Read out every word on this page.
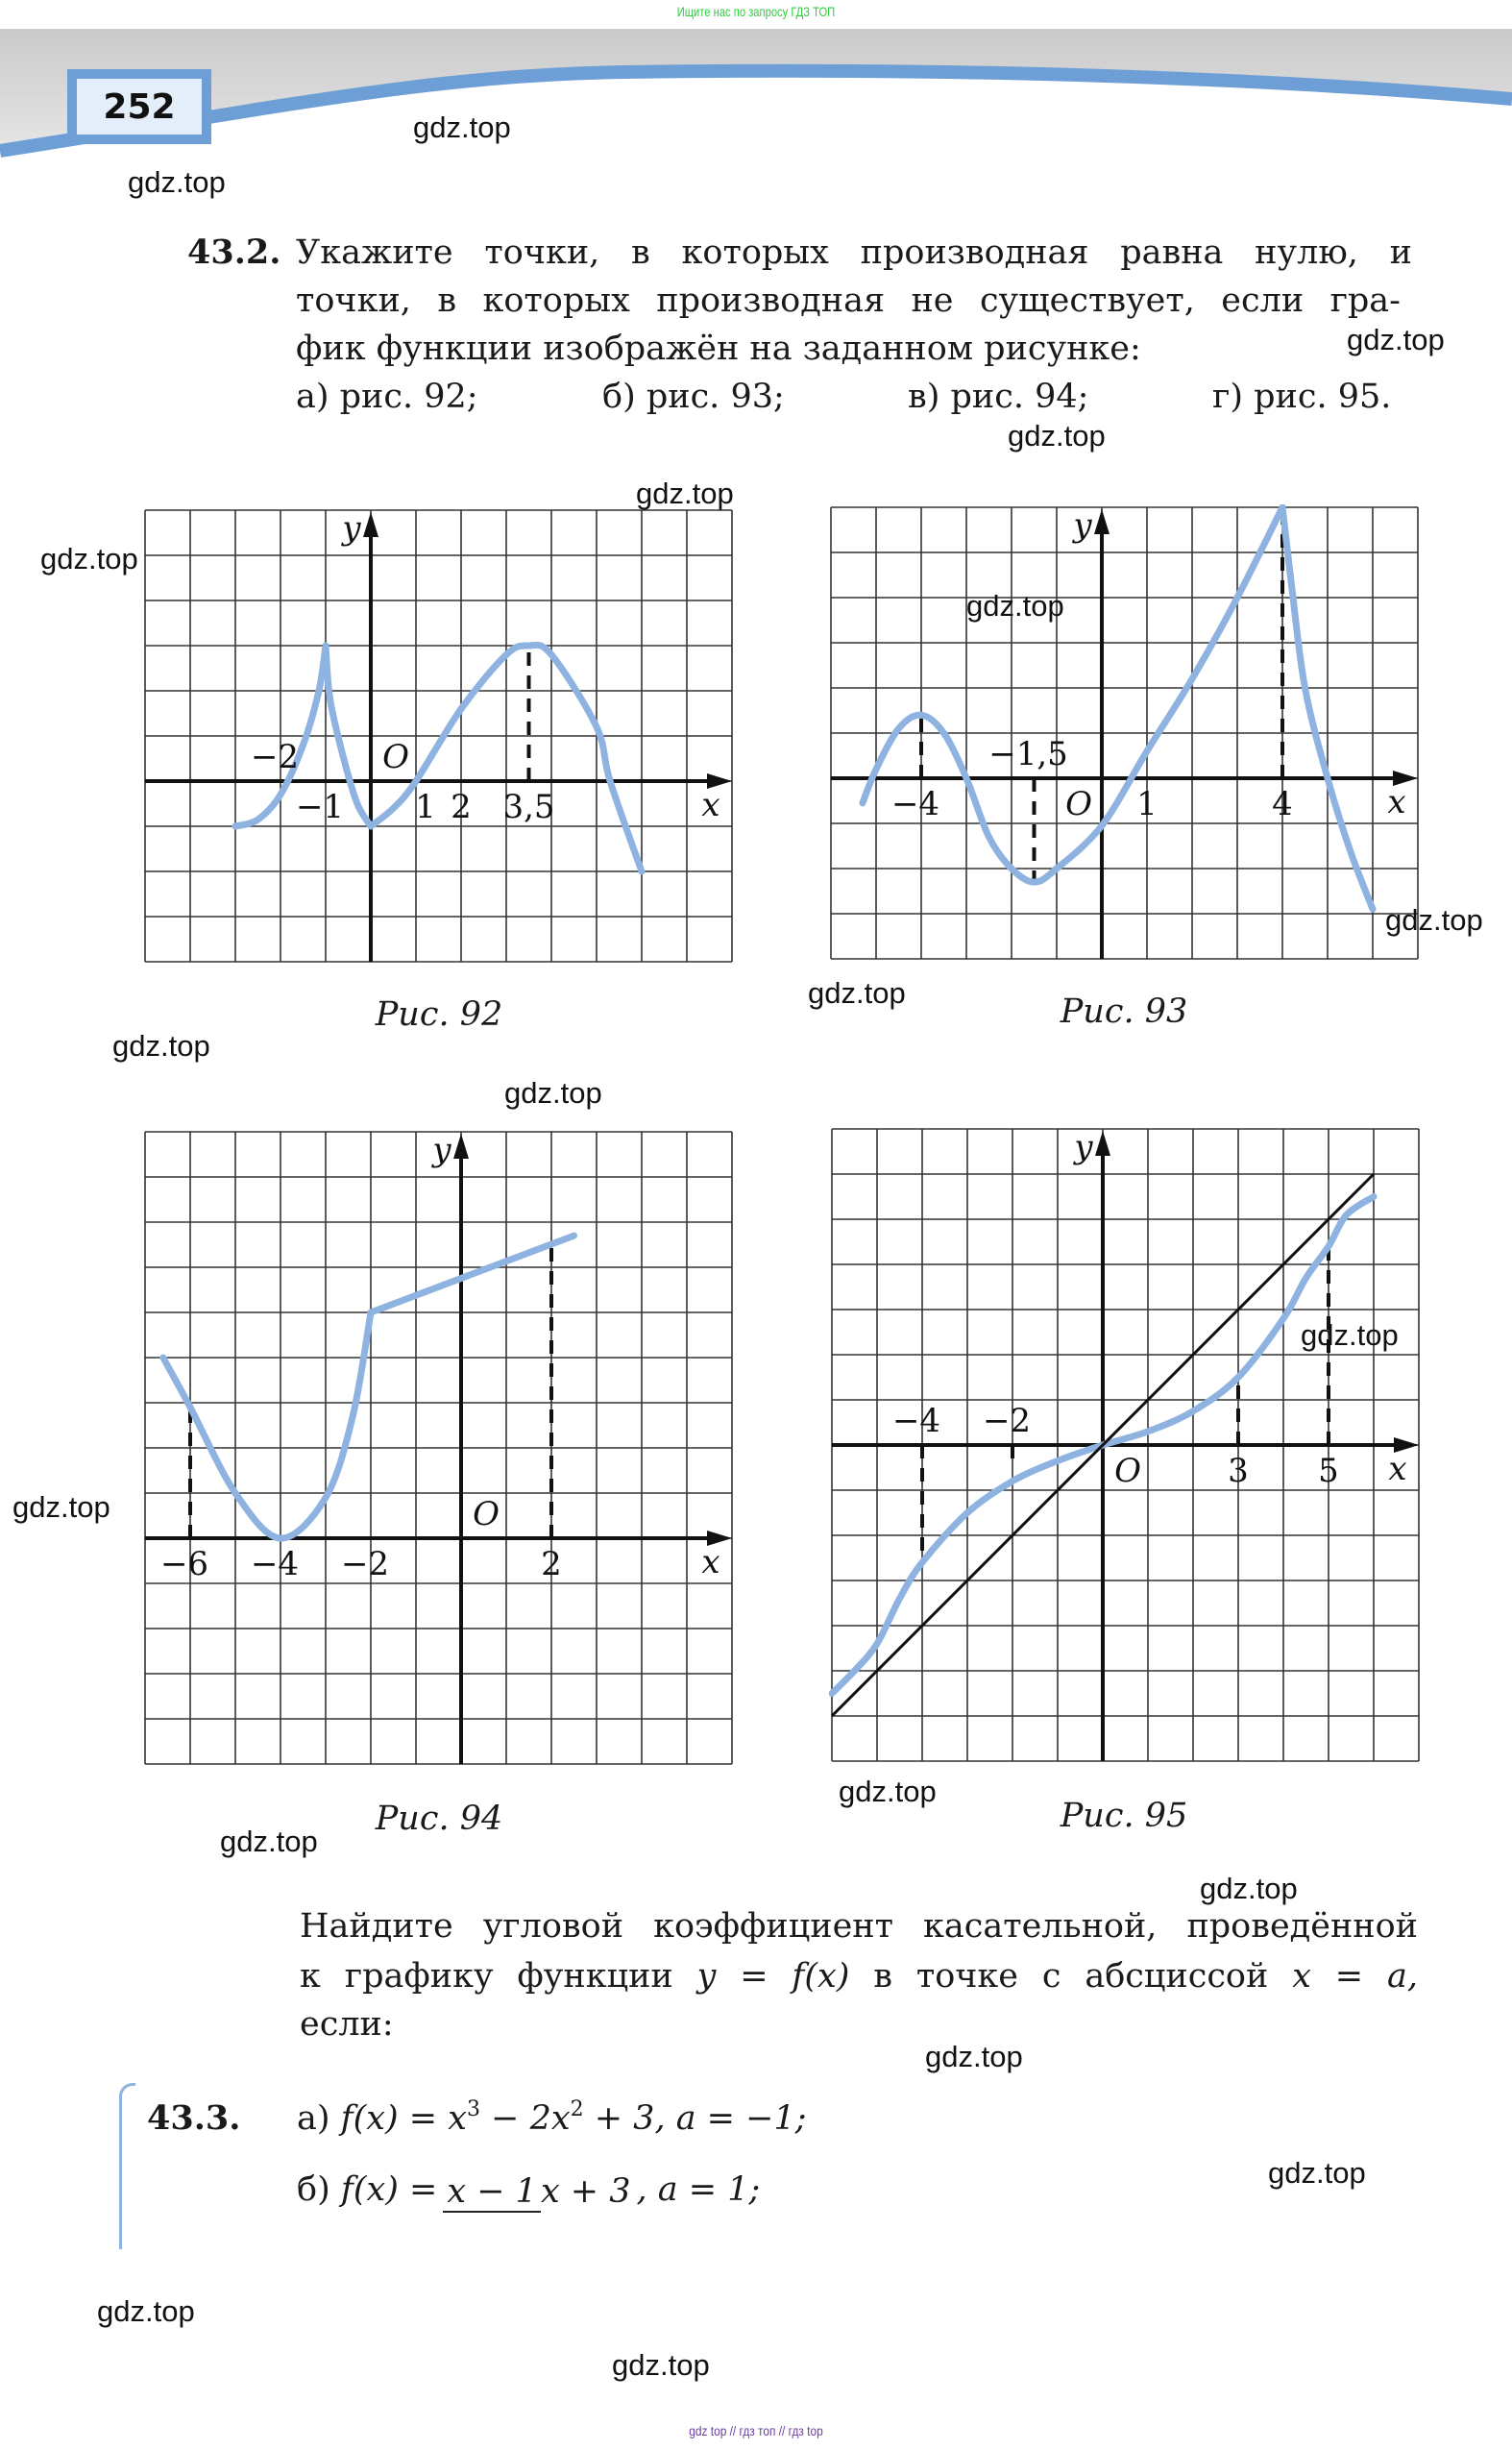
Ищите нас по запросу ГДЗ ТОП
252
43.2. Укажите точки, в которых производная равна нулю, и
точки, в которых производная не существует, если гра-
фик функции изображён на заданном рисунке:
а) рис. 92;	б) рис. 93;	в) рис. 94;	г) рис. 95.
−2
−1 1 2 3,5
O
x
y
Рис. 92
−4
−1,5
1	4
O	x
y
Рис. 93
−6 −4 −2	2
O
x
y
Рис. 94
−4 −2
3 5
O	x
y
Рис. 95
Найдите угловой коэффициент касательной, проведённой
к графику функции y = f(x) в точке с абсциссой x = a,
если:
43.3. а) $f(x) = x^3 - 2x^2 + 3$, a = −1;
б) f(x) = x − 1 x + 3 , a = 1;
gdz.top
gdz.top
gdz.top
gdz.top
gdz.top
gdz.top
gdz.top
gdz.top
gdz.top
gdz.top
gdz.top
gdz.top
gdz.top
gdz.top
gdz.top
gdz.top
gdz.top
gdz.top
gdz.top
gdz.top
gdz top // гдз топ // гдз top
